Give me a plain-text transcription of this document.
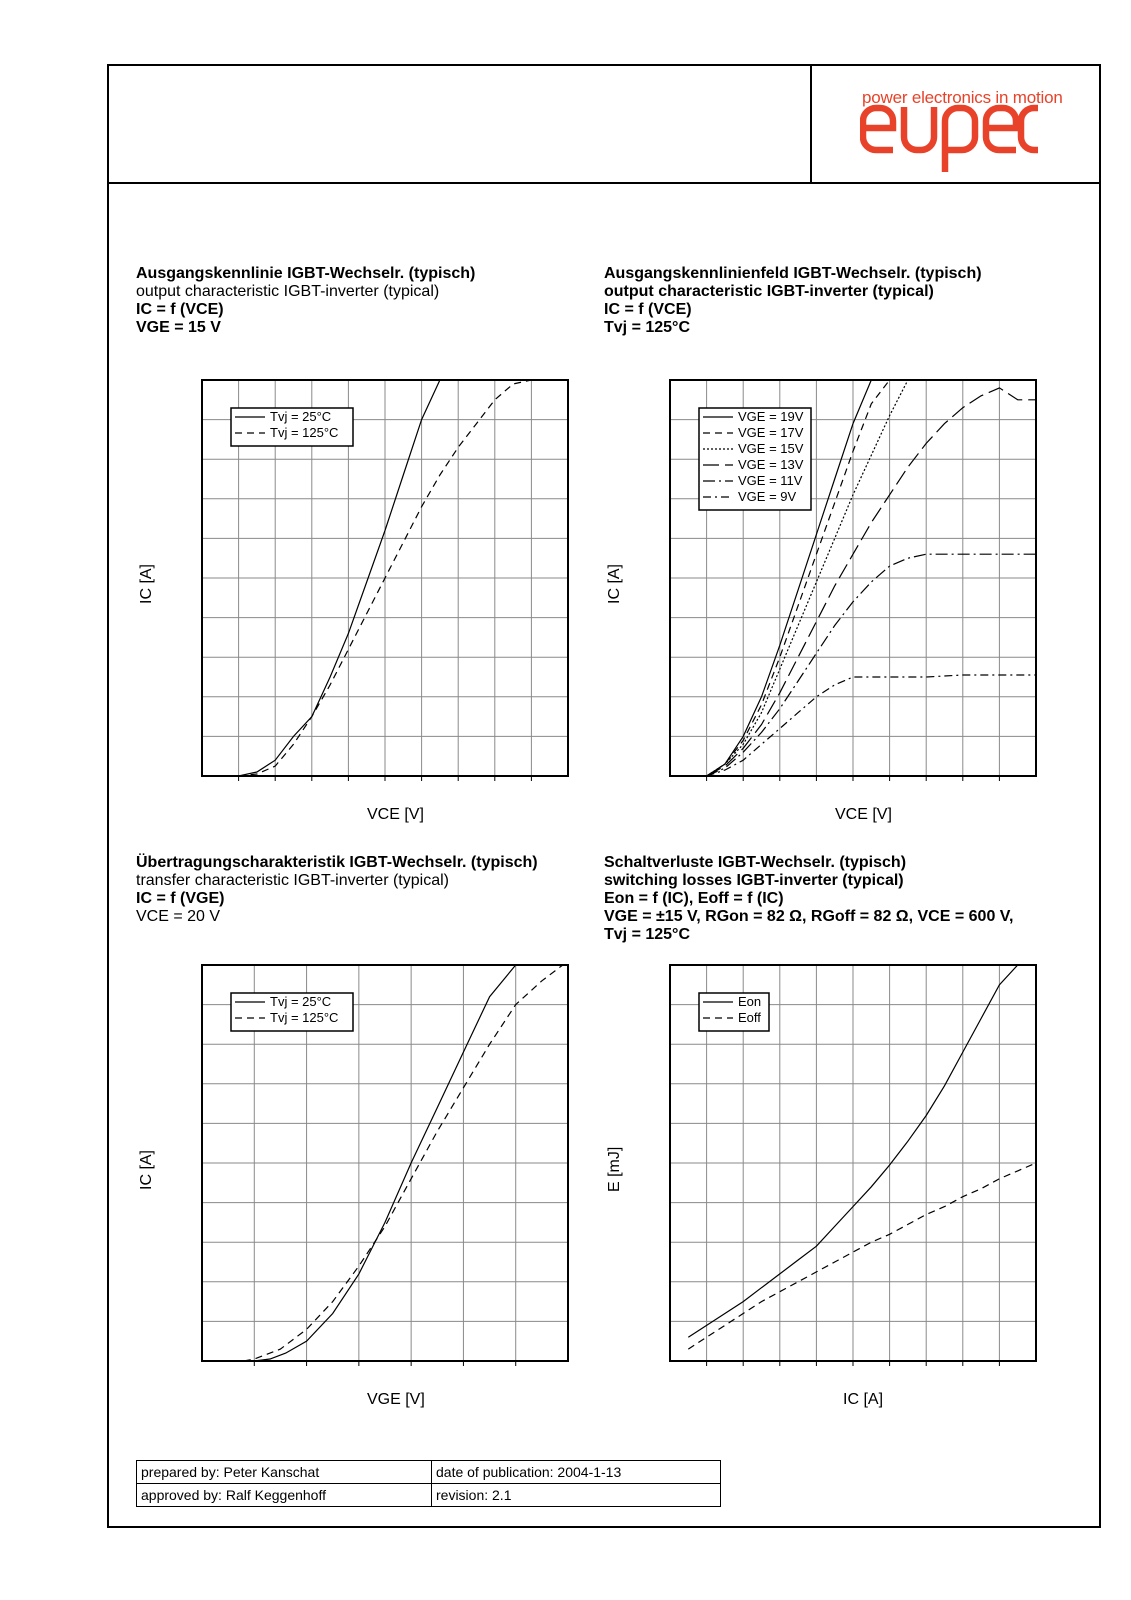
power electronics in motion
Ausgangskennlinie IGBT-Wechselr. (typisch)
output characteristic IGBT-inverter (typical)
IC = f (VCE)
VGE = 15 V
Ausgangskennlinienfeld IGBT-Wechselr. (typisch)
output characteristic IGBT-inverter (typical)
IC = f (VCE)
Tvj = 125°C
Übertragungscharakteristik IGBT-Wechselr. (typisch)
transfer characteristic IGBT-inverter (typical)
IC = f (VGE)
VCE = 20 V
Schaltverluste IGBT-Wechselr. (typisch)
switching losses IGBT-inverter (typical)
Eon = f (IC), Eoff = f (IC)
VGE = ±15 V, RGon = 82 Ω, RGoff = 82 Ω, VCE = 600 V,
Tvj = 125°C
Tvj = 25°C
Tvj = 125°C
VGE = 19V
VGE = 17V
VGE = 15V
VGE = 13V
VGE = 11V
VGE = 9V
Tvj = 25°C
Tvj = 125°C
Eon
Eoff
VCE [V]	VCE [V]
VGE [V]	IC [A]
IC [A]	IC [A]
IC [A]	E [mJ]
prepared by: Peter Kanschat	date of publication: 2004-1-13
approved by: Ralf Keggenhoff	revision: 2.1
